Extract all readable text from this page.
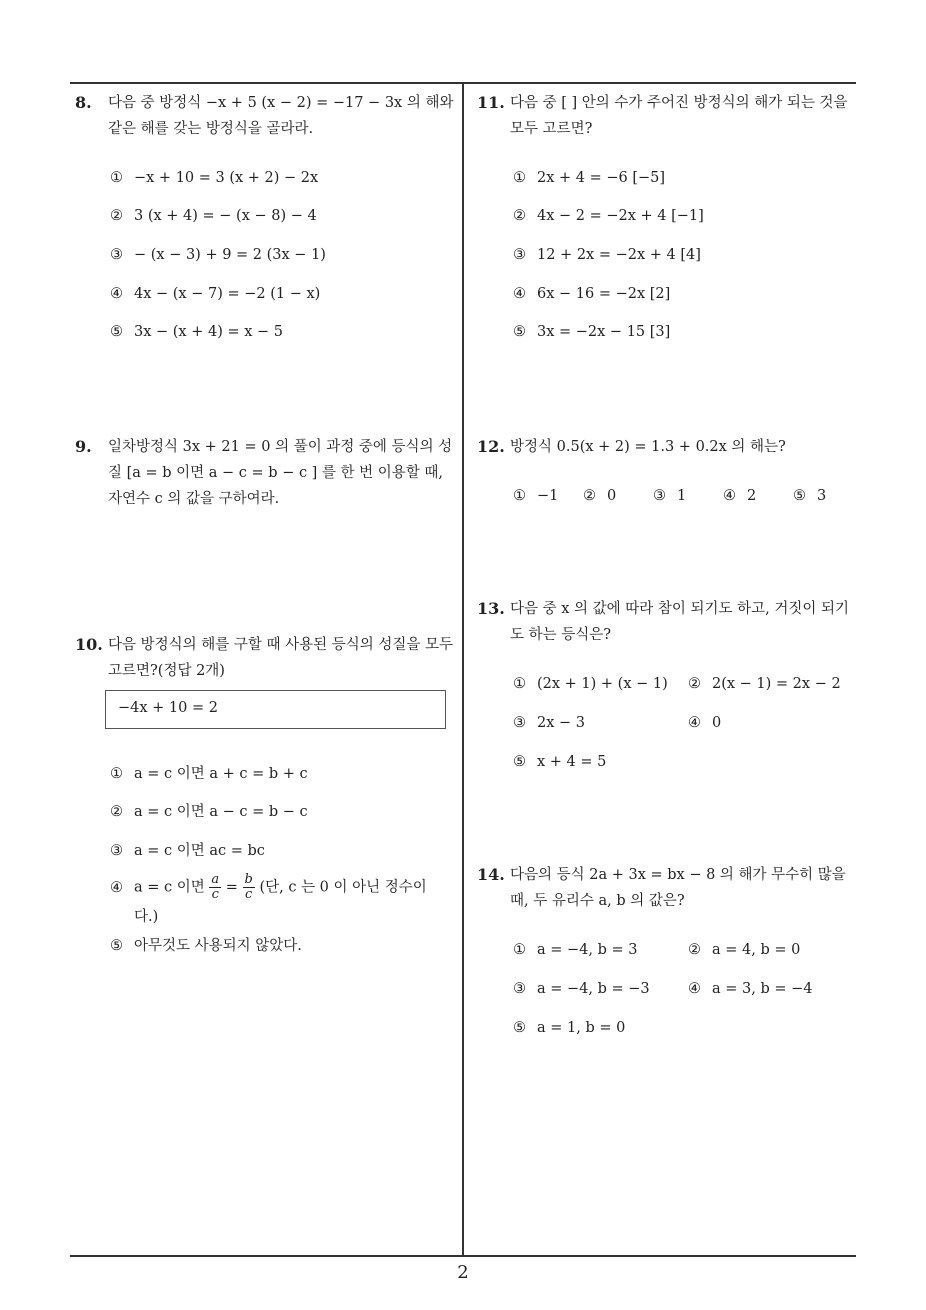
8. 다음 중 방정식 −x + 5 (x − 2) = −17 − 3x 의 해와 같은 해를 갖는 방정식을 골라라.
① −x + 10 = 3 (x + 2) − 2x
② 3 (x + 4) = − (x − 8) − 4
③ − (x − 3) + 9 = 2 (3x − 1)
④ 4x − (x − 7) = −2 (1 − x)
⑤ 3x − (x + 4) = x − 5
9. 일차방정식 3x + 21 = 0 의 풀이 과정 중에 등식의 성질 [a = b 이면 a − c = b − c ] 를 한 번 이용할 때, 자연수 c 의 값을 구하여라.
10. 다음 방정식의 해를 구할 때 사용된 등식의 성질을 모두 고르면?(정답 2개)
−4x + 10 = 2
① a = c 이면 a + c = b + c
② a = c 이면 a − c = b − c
③ a = c 이면 ac = bc
④ a = c 이면 $\frac{a}{c} = \frac{b}{c}$ (단, c 는 0 이 아닌 정수이
다.)
⑤ 아무것도 사용되지 않았다.
11. 다음 중 [ ] 안의 수가 주어진 방정식의 해가 되는 것을 모두 고르면?
① 2x + 4 = −6 [−5]
② 4x − 2 = −2x + 4 [−1]
③ 12 + 2x = −2x + 4 [4]
④ 6x − 16 = −2x [2]
⑤ 3x = −2x − 15 [3]
12. 방정식 0.5(x + 2) = 1.3 + 0.2x 의 해는?
① −1 ② 0	③ 1	④ 2	⑤ 3
13. 다음 중 x 의 값에 따라 참이 되기도 하고, 거짓이 되기도 하는 등식은?
① (2x + 1) + (x − 1) ② 2(x − 1) = 2x − 2
③ 2x − 3	④ 0
⑤ x + 4 = 5
14. 다음의 등식 2a + 3x = bx − 8 의 해가 무수히 많을 때, 두 유리수 a, b 의 값은?
① a = −4, b = 3	② a = 4, b = 0
③ a = −4, b = −3	④ a = 3, b = −4
⑤ a = 1, b = 0
2
